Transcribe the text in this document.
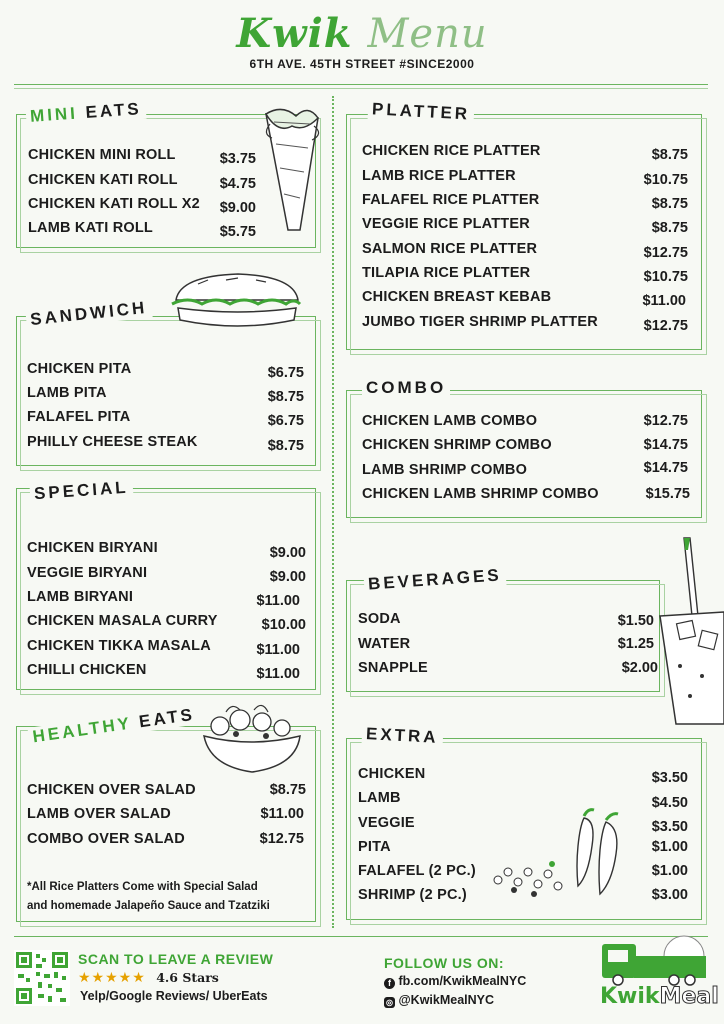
Kwik Menu
6TH AVE. 45TH STREET #SINCE2000
MINI EATS
CHICKEN MINI ROLL	$3.75
CHICKEN KATI ROLL	$4.75
CHICKEN KATI ROLL X2	$9.00
LAMB KATI ROLL	$5.75
SANDWICH
CHICKEN PITA	$6.75
LAMB PITA	$8.75
FALAFEL PITA	$6.75
PHILLY CHEESE STEAK	$8.75
SPECIAL
CHICKEN BIRYANI	$9.00
VEGGIE BIRYANI	$9.00
LAMB BIRYANI	$11.00
CHICKEN MASALA CURRY	$10.00
CHICKEN TIKKA MASALA	$11.00
CHILLI CHICKEN	$11.00
HEALTHY EATS
CHICKEN OVER SALAD	$8.75
LAMB OVER SALAD	$11.00
COMBO OVER SALAD	$12.75
*All Rice Platters Come with Special Salad
and homemade Jalapeño Sauce and Tzatziki
PLATTER
CHICKEN RICE PLATTER	$8.75
LAMB RICE PLATTER	$10.75
FALAFEL RICE PLATTER	$8.75
VEGGIE RICE PLATTER	$8.75
SALMON RICE PLATTER	$12.75
TILAPIA RICE PLATTER	$10.75
CHICKEN BREAST KEBAB	$11.00
JUMBO TIGER SHRIMP PLATTER	$12.75
COMBO
CHICKEN LAMB COMBO	$12.75
CHICKEN SHRIMP COMBO	$14.75
LAMB SHRIMP COMBO	$14.75
CHICKEN LAMB SHRIMP COMBO	$15.75
BEVERAGES
SODA	$1.50
WATER	$1.25
SNAPPLE	$2.00
EXTRA
CHICKEN	$3.50
LAMB	$4.50
VEGGIE	$3.50
PITA	$1.00
FALAFEL (2 PC.)	$1.00
SHRIMP (2 PC.)	$3.00
SCAN TO LEAVE A REVIEW
★★★★★ 4.6 Stars
Yelp/Google Reviews/ UberEats
FOLLOW US ON:
f fb.com/KwikMealNYC
◎ @KwikMealNYC	KwikMeal
